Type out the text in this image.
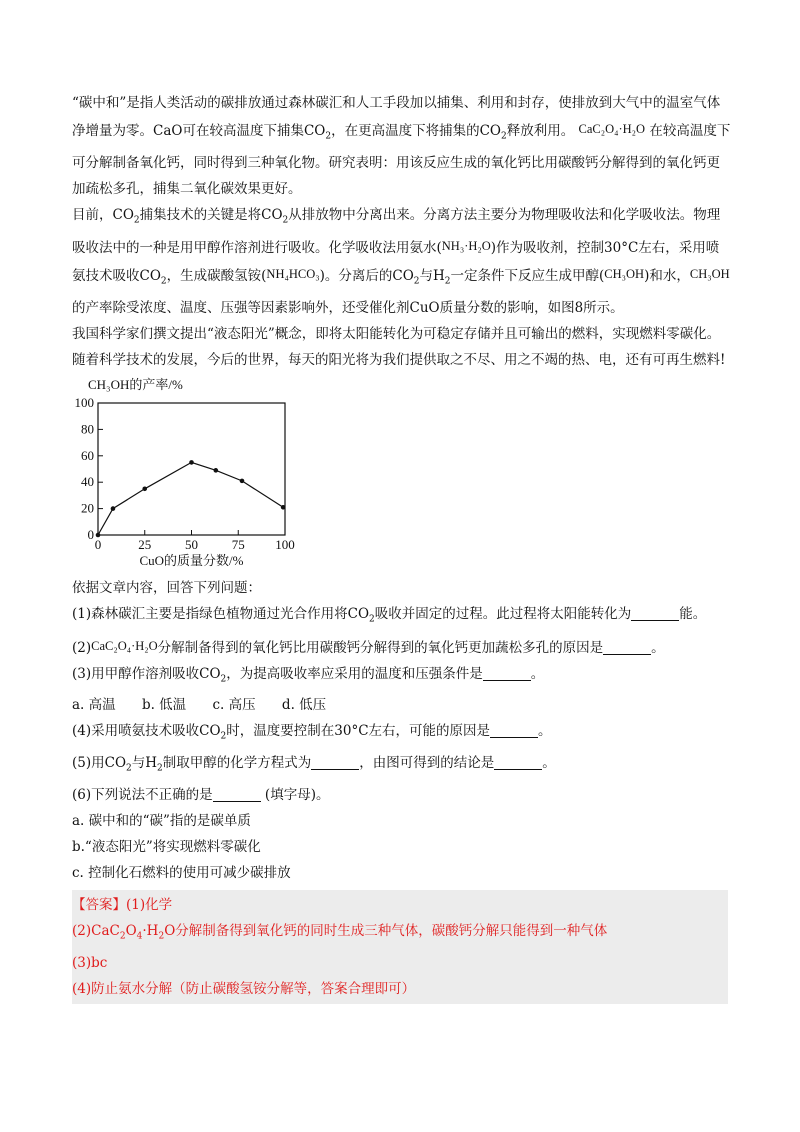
“碳中和”是指人类活动的碳排放通过森林碳汇和人工手段加以捕集、利用和封存，使排放到大气中的温室气体净增量为零。CaO可在较高温度下捕集$CO_2$，在更高温度下将捕集的$CO_2$释放利用。 CaC₂O₄·H₂O 在较高温度下可分解制备氧化钙，同时得到三种氧化物。研究表明：用该反应生成的氧化钙比用碳酸钙分解得到的氧化钙更加疏松多孔，捕集二氧化碳效果更好。

目前，$CO_2$捕集技术的关键是将$CO_2$从排放物中分离出来。分离方法主要分为物理吸收法和化学吸收法。物理吸收法中的一种是用甲醇作溶剂进行吸收。化学吸收法用氨水(NH₃·H₂O)作为吸收剂，控制30°C左右，采用喷氨技术吸收$CO_2$，生成碳酸氢铵(NH₄HCO₃)。分离后的$CO_2$与$H_2$一定条件下反应生成甲醇(CH₃OH)和水，CH₃OH的产率除受浓度、温度、压强等因素影响外，还受催化剂CuO质量分数的影响，如图8所示。

我国科学家们撰文提出“液态阳光”概念，即将太阳能转化为可稳定存储并且可输出的燃料，实现燃料零碳化。随着科学技术的发展，今后的世界，每天的阳光将为我们提供取之不尽、用之不竭的热、电，还有可再生燃料!

0
20
40
60
80
100
0	25	50	75 100
CH₃OH的产率/%
CuO的质量分数/%

依据文章内容，回答下列问题：

(1)森林碳汇主要是指绿色植物通过光合作用将$CO_2$吸收并固定的过程。此过程将太阳能转化为	能。

(2)CaC₂O₄·H₂O分解制备得到的氧化钙比用碳酸钙分解得到的氧化钙更加蔬松多孔的原因是	。

(3)用甲醇作溶剂吸收$CO_2$，为提高吸收率应采用的温度和压强条件是	。

a. 高温 b. 低温 c. 高压 d. 低压

(4)采用喷氨技术吸收$CO_2$时，温度要控制在30°C左右，可能的原因是	。

(5)用$CO_2$与$H_2$制取甲醇的化学方程式为	，由图可得到的结论是	。

(6)下列说法不正确的是	(填字母)。

a. 碳中和的“碳”指的是碳单质

b.“液态阳光”将实现燃料零碳化

c. 控制化石燃料的使用可减少碳排放

【答案】(1)化学

$(2)CaC_2O_4\cdot H_2O$分解制备得到氧化钙的同时生成三种气体，碳酸钙分解只能得到一种气体

(3)bc

(4)防止氨水分解（防止碳酸氢铵分解等，答案合理即可）
